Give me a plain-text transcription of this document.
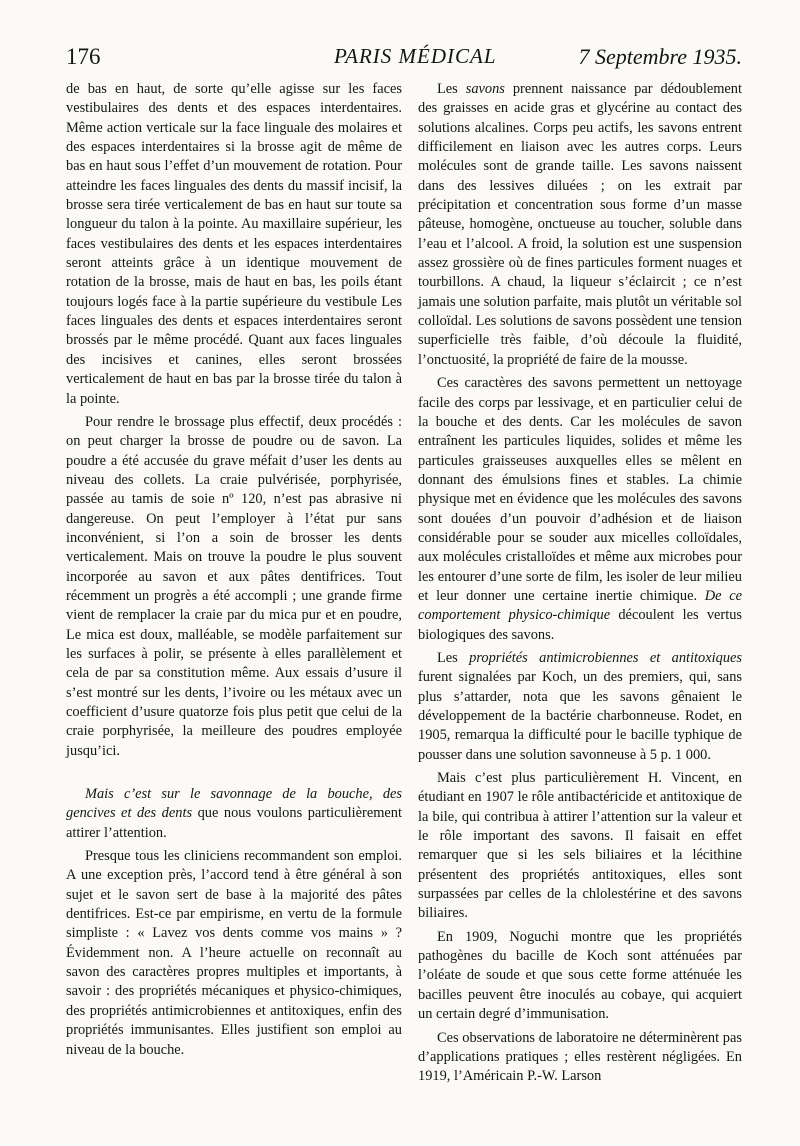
176	PARIS MÉDICAL	7 Septembre 1935.

de bas en haut, de sorte qu’elle agisse sur les faces vestibulaires des dents et des espaces interdentaires. Même action verticale sur la face linguale des molaires et des espaces interdentaires si la brosse agit de même de bas en haut sous l’effet d’un mouvement de rotation. Pour atteindre les faces linguales des dents du massif incisif, la brosse sera tirée verticalement de bas en haut sur toute sa longueur du talon à la pointe. Au maxillaire supérieur, les faces vestibulaires des dents et les espaces interdentaires seront atteints grâce à un identique mouvement de rotation de la brosse, mais de haut en bas, les poils étant toujours logés face à la partie supérieure du vestibule Les faces linguales des dents et espaces interdentaires seront brossés par le même procédé. Quant aux faces linguales des incisives et canines, elles seront brossées verticalement de haut en bas par la brosse tirée du talon à la pointe.

Pour rendre le brossage plus effectif, deux procédés : on peut charger la brosse de poudre ou de savon. La poudre a été accusée du grave méfait d’user les dents au niveau des collets. La craie pulvérisée, porphyrisée, passée au tamis de soie nº 120, n’est pas abrasive ni dangereuse. On peut l’employer à l’état pur sans inconvénient, si l’on a soin de brosser les dents verticalement. Mais on trouve la poudre le plus souvent incorporée au savon et aux pâtes dentifrices. Tout récemment un progrès a été accompli ; une grande firme vient de remplacer la craie par du mica pur et en poudre, Le mica est doux, malléable, se modèle parfaitement sur les surfaces à polir, se présente à elles parallèlement et cela de par sa constitution même. Aux essais d’usure il s’est montré sur les dents, l’ivoire ou les métaux avec un coefficient d’usure quatorze fois plus petit que celui de la craie porphyrisée, la meilleure des poudres employée jusqu’ici.

Mais c’est sur le savonnage de la bouche, des gencives et des dents que nous voulons particulièrement attirer l’attention.

Presque tous les cliniciens recommandent son emploi. A une exception près, l’accord tend à être général à son sujet et le savon sert de base à la majorité des pâtes dentifrices. Est-ce par empirisme, en vertu de la formule simpliste : « Lavez vos dents comme vos mains » ? Évidemment non. A l’heure actuelle on reconnaît au savon des caractères propres multiples et importants, à savoir : des propriétés mécaniques et physico-chimiques, des propriétés antimicrobiennes et antitoxiques, enfin des propriétés immunisantes. Elles justifient son emploi au niveau de la bouche.

Les savons prennent naissance par dédoublement des graisses en acide gras et glycérine au contact des solutions alcalines. Corps peu actifs, les savons entrent difficilement en liaison avec les autres corps. Leurs molécules sont de grande taille. Les savons naissent dans des lessives diluées ; on les extrait par précipitation et concentration sous forme d’un masse pâteuse, homogène, onctueuse au toucher, soluble dans l’eau et l’alcool. A froid, la solution est une suspension assez grossière où de fines particules forment nuages et tourbillons. A chaud, la liqueur s’éclaircit ; ce n’est jamais une solution parfaite, mais plutôt un véritable sol colloïdal. Les solutions de savons possèdent une tension superficielle très faible, d’où découle la fluidité, l’onctuosité, la propriété de faire de la mousse.

Ces caractères des savons permettent un nettoyage facile des corps par lessivage, et en particulier celui de la bouche et des dents. Car les molécules de savon entraînent les particules liquides, solides et même les particules graisseuses auxquelles elles se mêlent en donnant des émulsions fines et stables. La chimie physique met en évidence que les molécules des savons sont douées d’un pouvoir d’adhésion et de liaison considérable pour se souder aux micelles colloïdales, aux molécules cristalloïdes et même aux microbes pour les entourer d’une sorte de film, les isoler de leur milieu et leur donner une certaine inertie chimique. De ce comportement physico-chimique découlent les vertus biologiques des savons.

Les propriétés antimicrobiennes et antitoxiques furent signalées par Koch, un des premiers, qui, sans plus s’attarder, nota que les savons gênaient le développement de la bactérie charbonneuse. Rodet, en 1905, remarqua la difficulté pour le bacille typhique de pousser dans une solution savonneuse à 5 p. 1 000.

Mais c’est plus particulièrement H. Vincent, en étudiant en 1907 le rôle antibactéricide et antitoxique de la bile, qui contribua à attirer l’attention sur la valeur et le rôle important des savons. Il faisait en effet remarquer que si les sels biliaires et la lécithine présentent des propriétés antitoxiques, elles sont surpassées par celles de la chlolestérine et des savons biliaires.

En 1909, Noguchi montre que les propriétés pathogènes du bacille de Koch sont atténuées par l’oléate de soude et que sous cette forme atténuée les bacilles peuvent être inoculés au cobaye, qui acquiert un certain degré d’immunisation.

Ces observations de laboratoire ne déterminèrent pas d’applications pratiques ; elles restèrent négligées. En 1919, l’Américain P.-W. Larson
